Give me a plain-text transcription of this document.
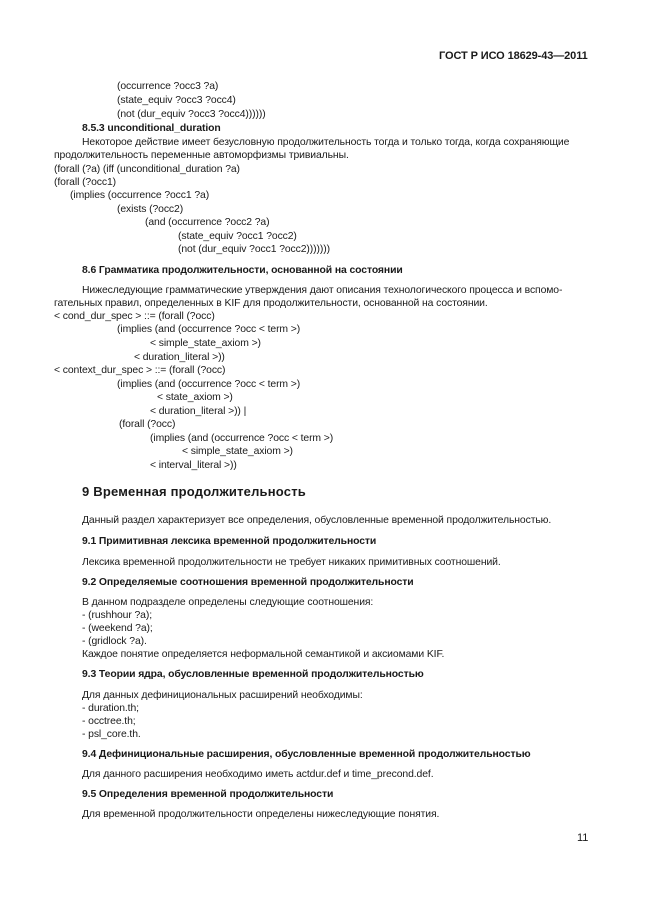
ГОСТ Р ИСО 18629-43—2011
(occurrence ?occ3 ?a)
(state_equiv ?occ3 ?occ4)
(not (dur_equiv ?occ3 ?occ4))))))
8.5.3 unconditional_duration
Некоторое действие имеет безусловную продолжительность тогда и только тогда, когда сохраняющие
продолжительность переменные автоморфизмы тривиальны.
(forall (?a) (iff (unconditional_duration ?a)
(forall (?occ1)
(implies (occurrence ?occ1 ?a)
(exists (?occ2)
(and (occurrence ?occ2 ?a)
(state_equiv ?occ1 ?occ2)
(not (dur_equiv ?occ1 ?occ2)))))))
8.6 Грамматика продолжительности, основанной на состоянии
Нижеследующие грамматические утверждения дают описания технологического процесса и вспомо-
гательных правил, определенных в KIF для продолжительности, основанной на состоянии.
< cond_dur_spec > ::= (forall (?occ)
(implies (and (occurrence ?occ < term >)
< simple_state_axiom >)
< duration_literal >))
< context_dur_spec > ::= (forall (?occ)
(implies (and (occurrence ?occ < term >)
< state_axiom >)
< duration_literal >)) |
(forall (?occ)
(implies (and (occurrence ?occ < term >)
< simple_state_axiom >)
< interval_literal >))
9 Временная продолжительность
Данный раздел характеризует все определения, обусловленные временной продолжительностью.
9.1 Примитивная лексика временной продолжительности
Лексика временной продолжительности не требует никаких примитивных соотношений.
9.2 Определяемые соотношения временной продолжительности
В данном подразделе определены следующие соотношения:
- (rushhour ?a);
- (weekend ?a);
- (gridlock ?a).
Каждое понятие определяется неформальной семантикой и аксиомами KIF.
9.3 Теории ядра, обусловленные временной продолжительностью
Для данных дефинициональных расширений необходимы:
- duration.th;
- occtree.th;
- psl_core.th.
9.4 Дефинициональные расширения, обусловленные временной продолжительностью
Для данного расширения необходимо иметь actdur.def и time_precond.def.
9.5 Определения временной продолжительности
Для временной продолжительности определены нижеследующие понятия.
11
